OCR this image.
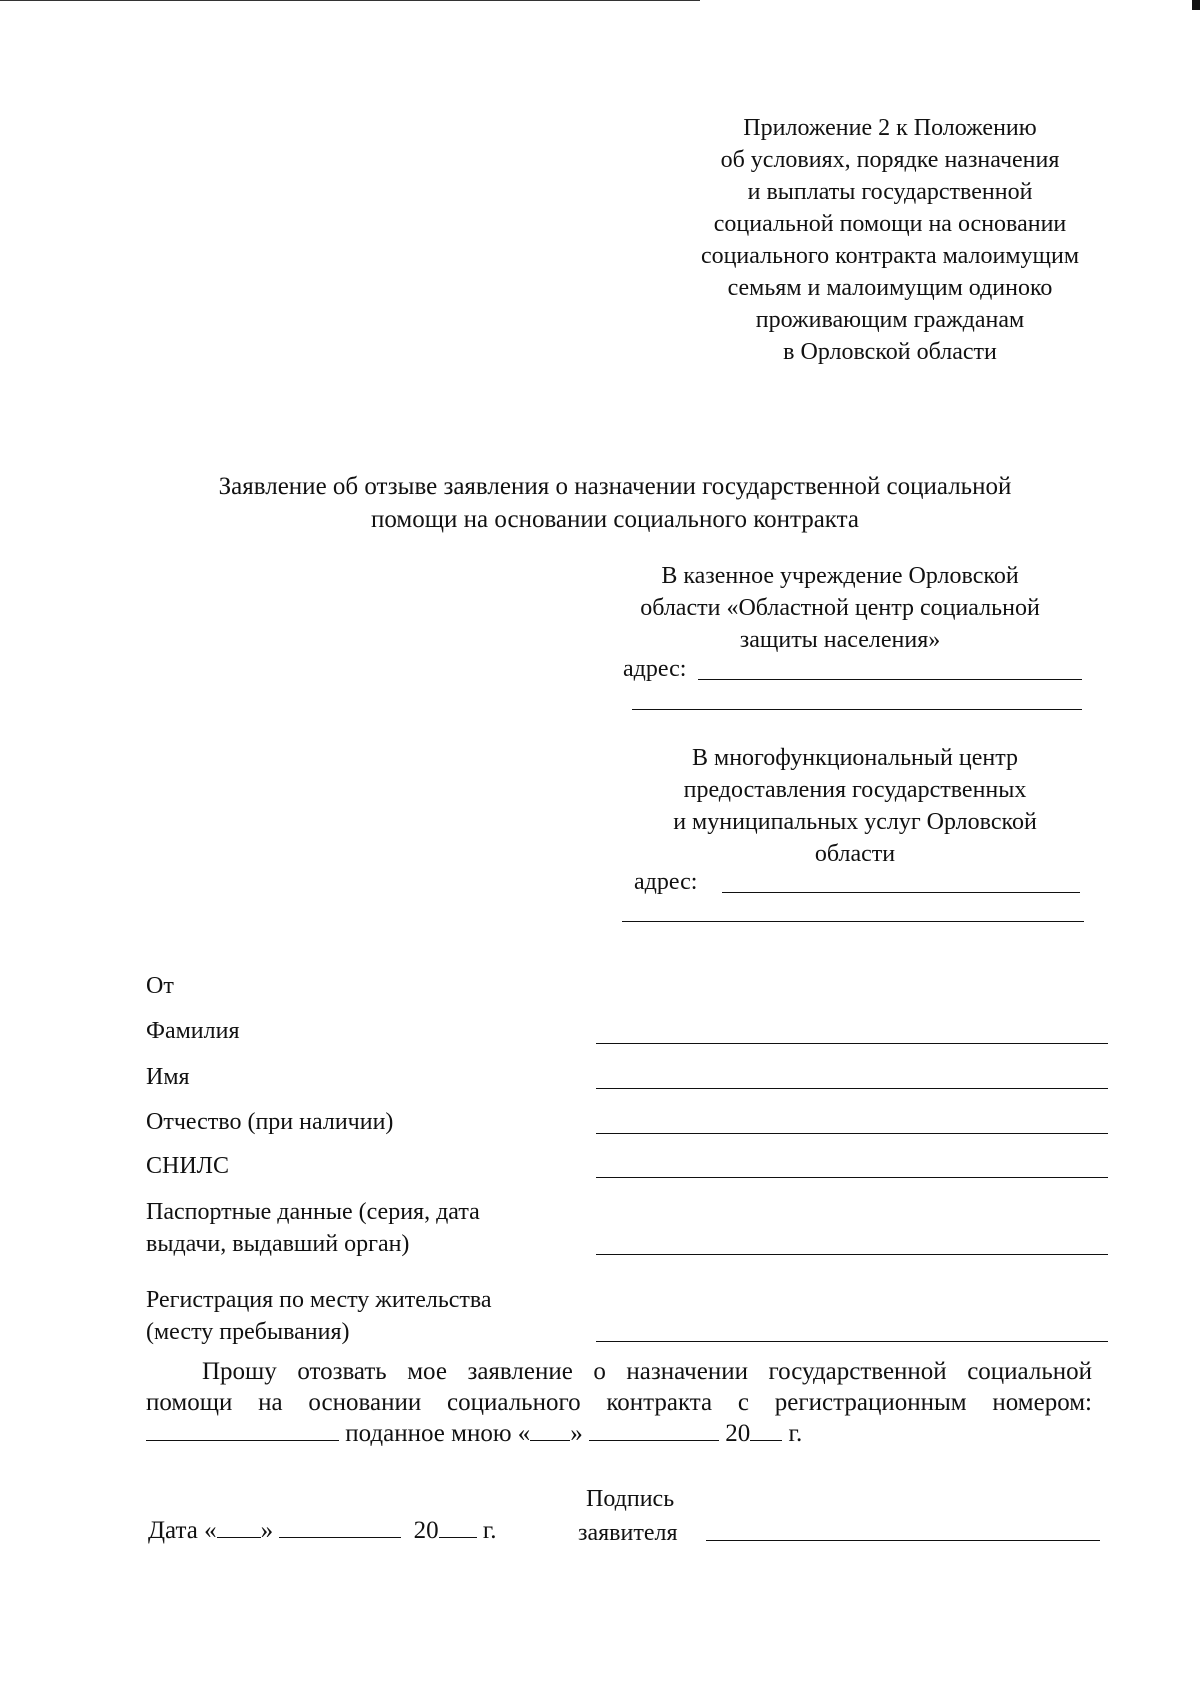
Приложение 2 к Положению
об условиях, порядке назначения
и выплаты государственной
социальной помощи на основании
социального контракта малоимущим
семьям и малоимущим одиноко
проживающим гражданам
в Орловской области
Заявление об отзыве заявления о назначении государственной социальной
помощи на основании социального контракта
В казенное учреждение Орловской
области «Областной центр социальной
защиты населения»
адрес:
В многофункциональный центр
предоставления государственных
и муниципальных услуг Орловской
области
адрес:
От
Фамилия
Имя
Отчество (при наличии)
СНИЛС
Паспортные данные (серия, дата
выдачи, выдавший орган)
Регистрация по месту жительства
(месту пребывания)
Прошу отозвать мое заявление о назначении государственной социальной
помощи на основании социального контракта с регистрационным номером:
поданное мною « »	20 г.
Подпись
заявителя
Дата « »	20 г.
